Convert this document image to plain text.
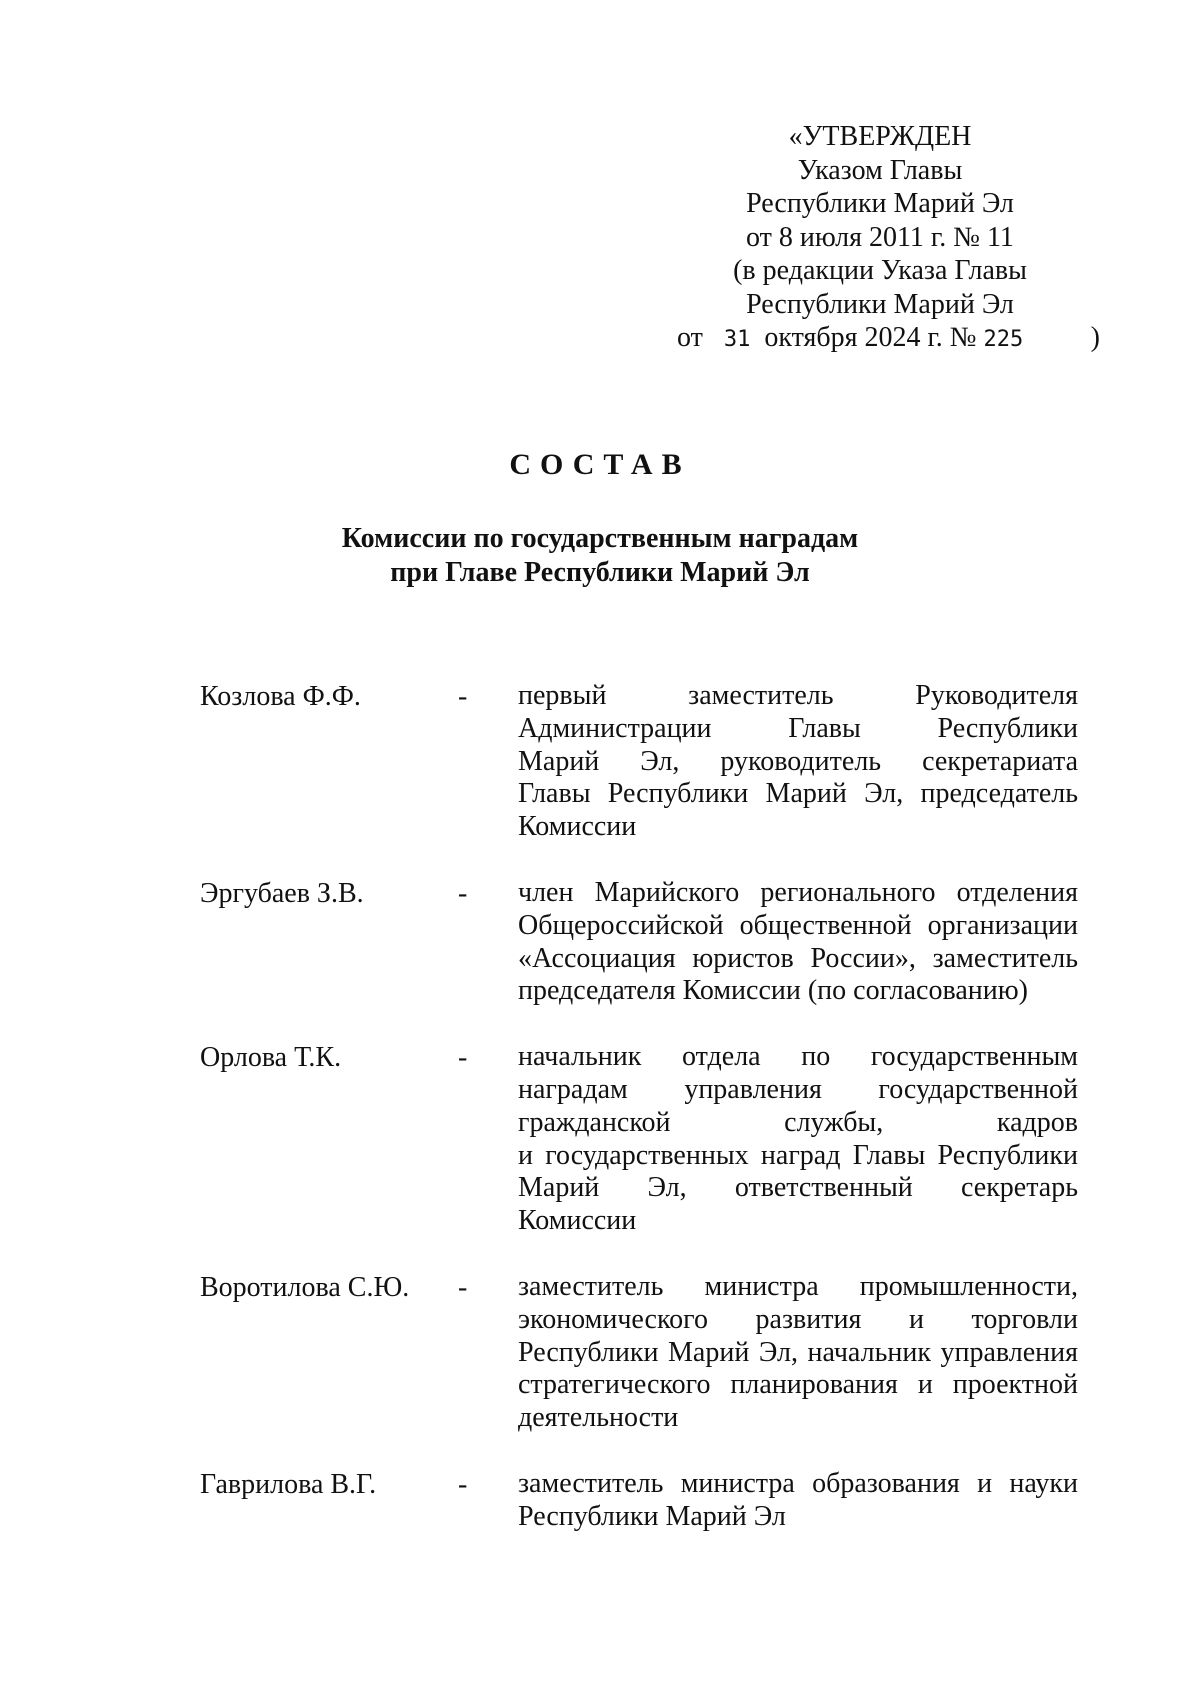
«УТВЕРЖДЕН
Указом Главы
Республики Марий Эл
от 8 июля 2011 г. № 11
(в редакции Указа Главы
Республики Марий Эл
от 31 октября 2024 г. № 225 )
СОСТАВ
Комиссии по государственным наградам
при Главе Республики Марий Эл
Козлова Ф.Ф.	-	первый заместитель Руководителя
Администрации Главы Республики
Марий Эл, руководитель секретариата
Главы Республики Марий Эл, председатель
Комиссии
Эргубаев З.В.	-	член Марийского регионального отделения
Общероссийской общественной организации
«Ассоциация юристов России», заместитель
председателя Комиссии (по согласованию)
Орлова Т.К.	-	начальник отдела по государственным
наградам управления государственной
гражданской службы, кадров
и государственных наград Главы Республики
Марий Эл, ответственный секретарь
Комиссии
Воротилова С.Ю.	-	заместитель министра промышленности,
экономического развития и торговли
Республики Марий Эл, начальник управления
стратегического планирования и проектной
деятельности
Гаврилова В.Г.	-	заместитель министра образования и науки
Республики Марий Эл
